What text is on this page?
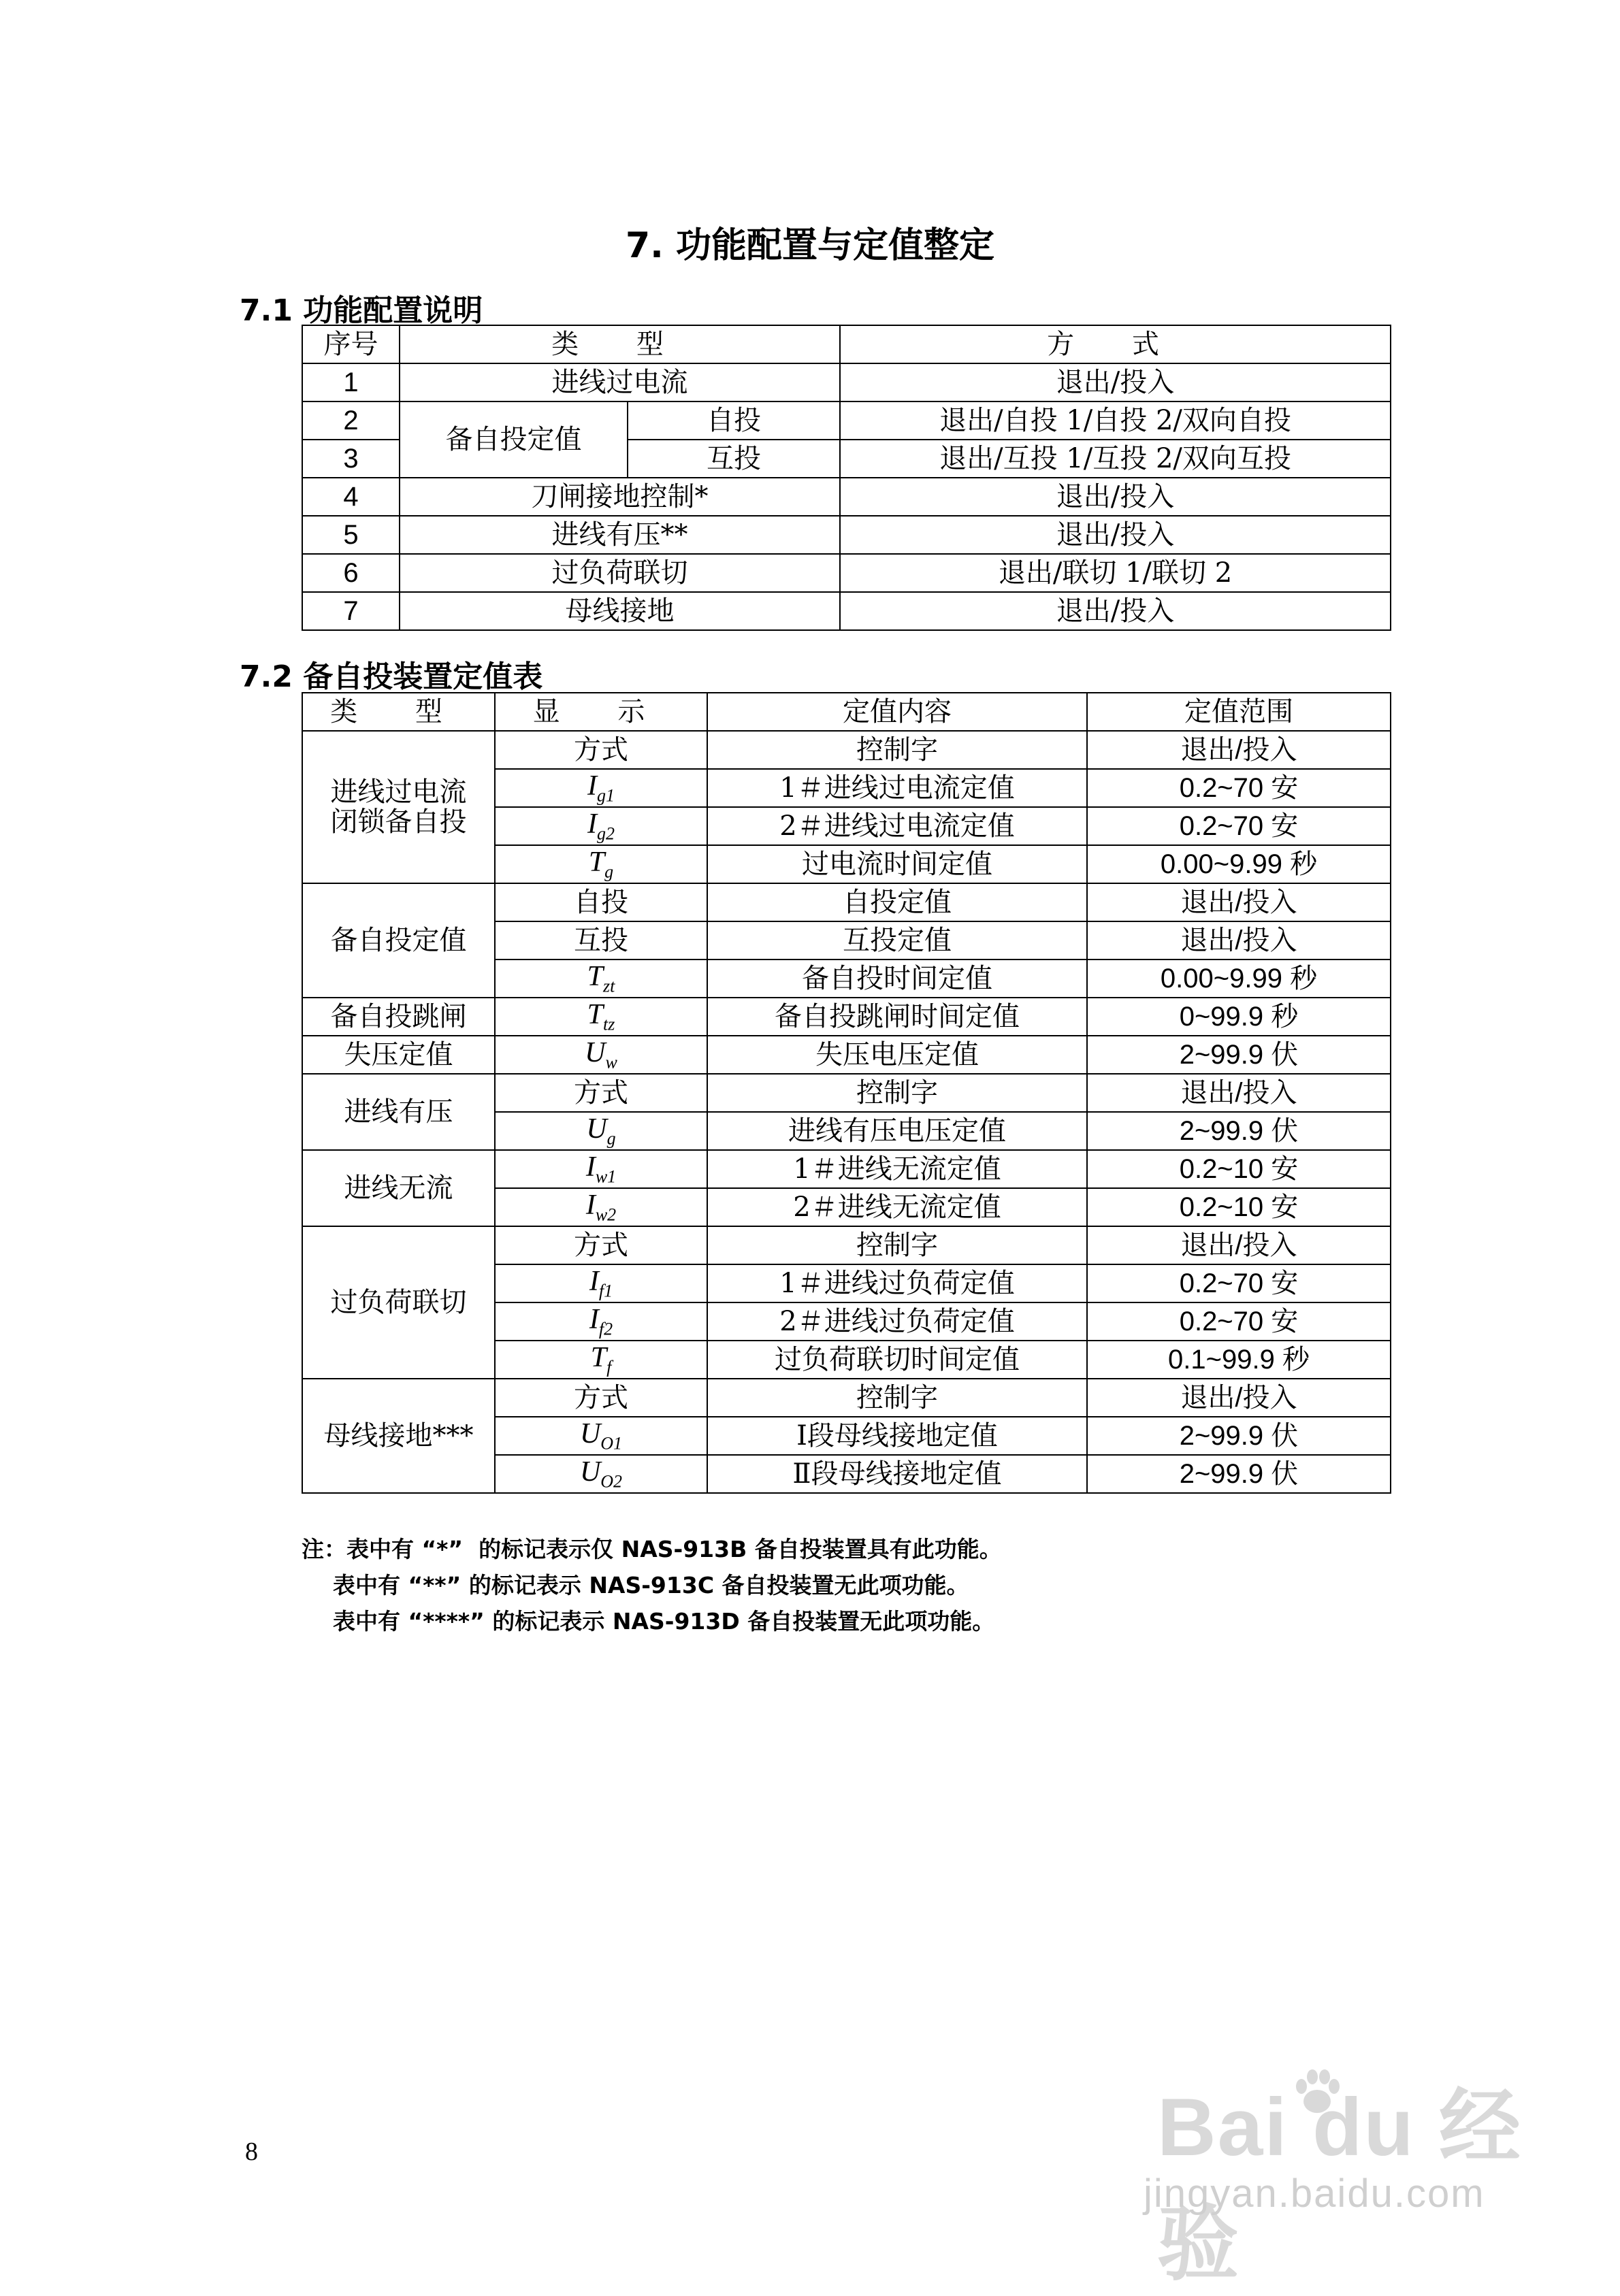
7. 功能配置与定值整定
7.1 功能配置说明
序号	类 型		方 式
1	进线过电流		退出/投入
2	备自投定值	自投	退出/自投 1/自投 2/双向自投
3		互投	退出/互投 1/互投 2/双向互投
4	刀闸接地控制*		退出/投入
5	进线有压**		退出/投入
6	过负荷联切		退出/联切 1/联切 2
7	母线接地		退出/投入
7.2 备自投装置定值表
类 型	显 示	定值内容	定值范围
进线过电流闭锁备自投	方式	控制字	退出/投入
	$I_{g1}$	1＃进线过电流定值	0.2~70 安
	$I_{g2}$	2＃进线过电流定值	0.2~70 安
	$T_g$	过电流时间定值	0.00~9.99 秒
备自投定值	自投	自投定值	退出/投入
	互投	互投定值	退出/投入
	$T_{zt}$	备自投时间定值	0.00~9.99 秒
备自投跳闸	$T_{tz}$	备自投跳闸时间定值	0~99.9 秒
失压定值	$U_w$	失压电压定值	2~99.9 伏
进线有压	方式	控制字	退出/投入
	$U_g$	进线有压电压定值	2~99.9 伏
进线无流	$I_{w1}$	1＃进线无流定值	0.2~10 安
	$I_{w2}$	2＃进线无流定值	0.2~10 安
过负荷联切	方式	控制字	退出/投入
	$I_{f1}$	1＃进线过负荷定值	0.2~70 安
	$I_{f2}$	2＃进线过负荷定值	0.2~70 安
	$T_f$	过负荷联切时间定值	0.1~99.9 秒
母线接地***	方式	控制字	退出/投入
	$U_{O1}$	Ⅰ段母线接地定值	2~99.9 伏
	$U_{O2}$	Ⅱ段母线接地定值	2~99.9 伏
注：表中有 “*”  的标记表示仅 NAS-913B 备自投装置具有此功能。
表中有 “**” 的标记表示 NAS-913C 备自投装置无此项功能。
表中有 “****” 的标记表示 NAS-913D 备自投装置无此项功能。
8	Bai du 经验
jingyan.baidu.com
